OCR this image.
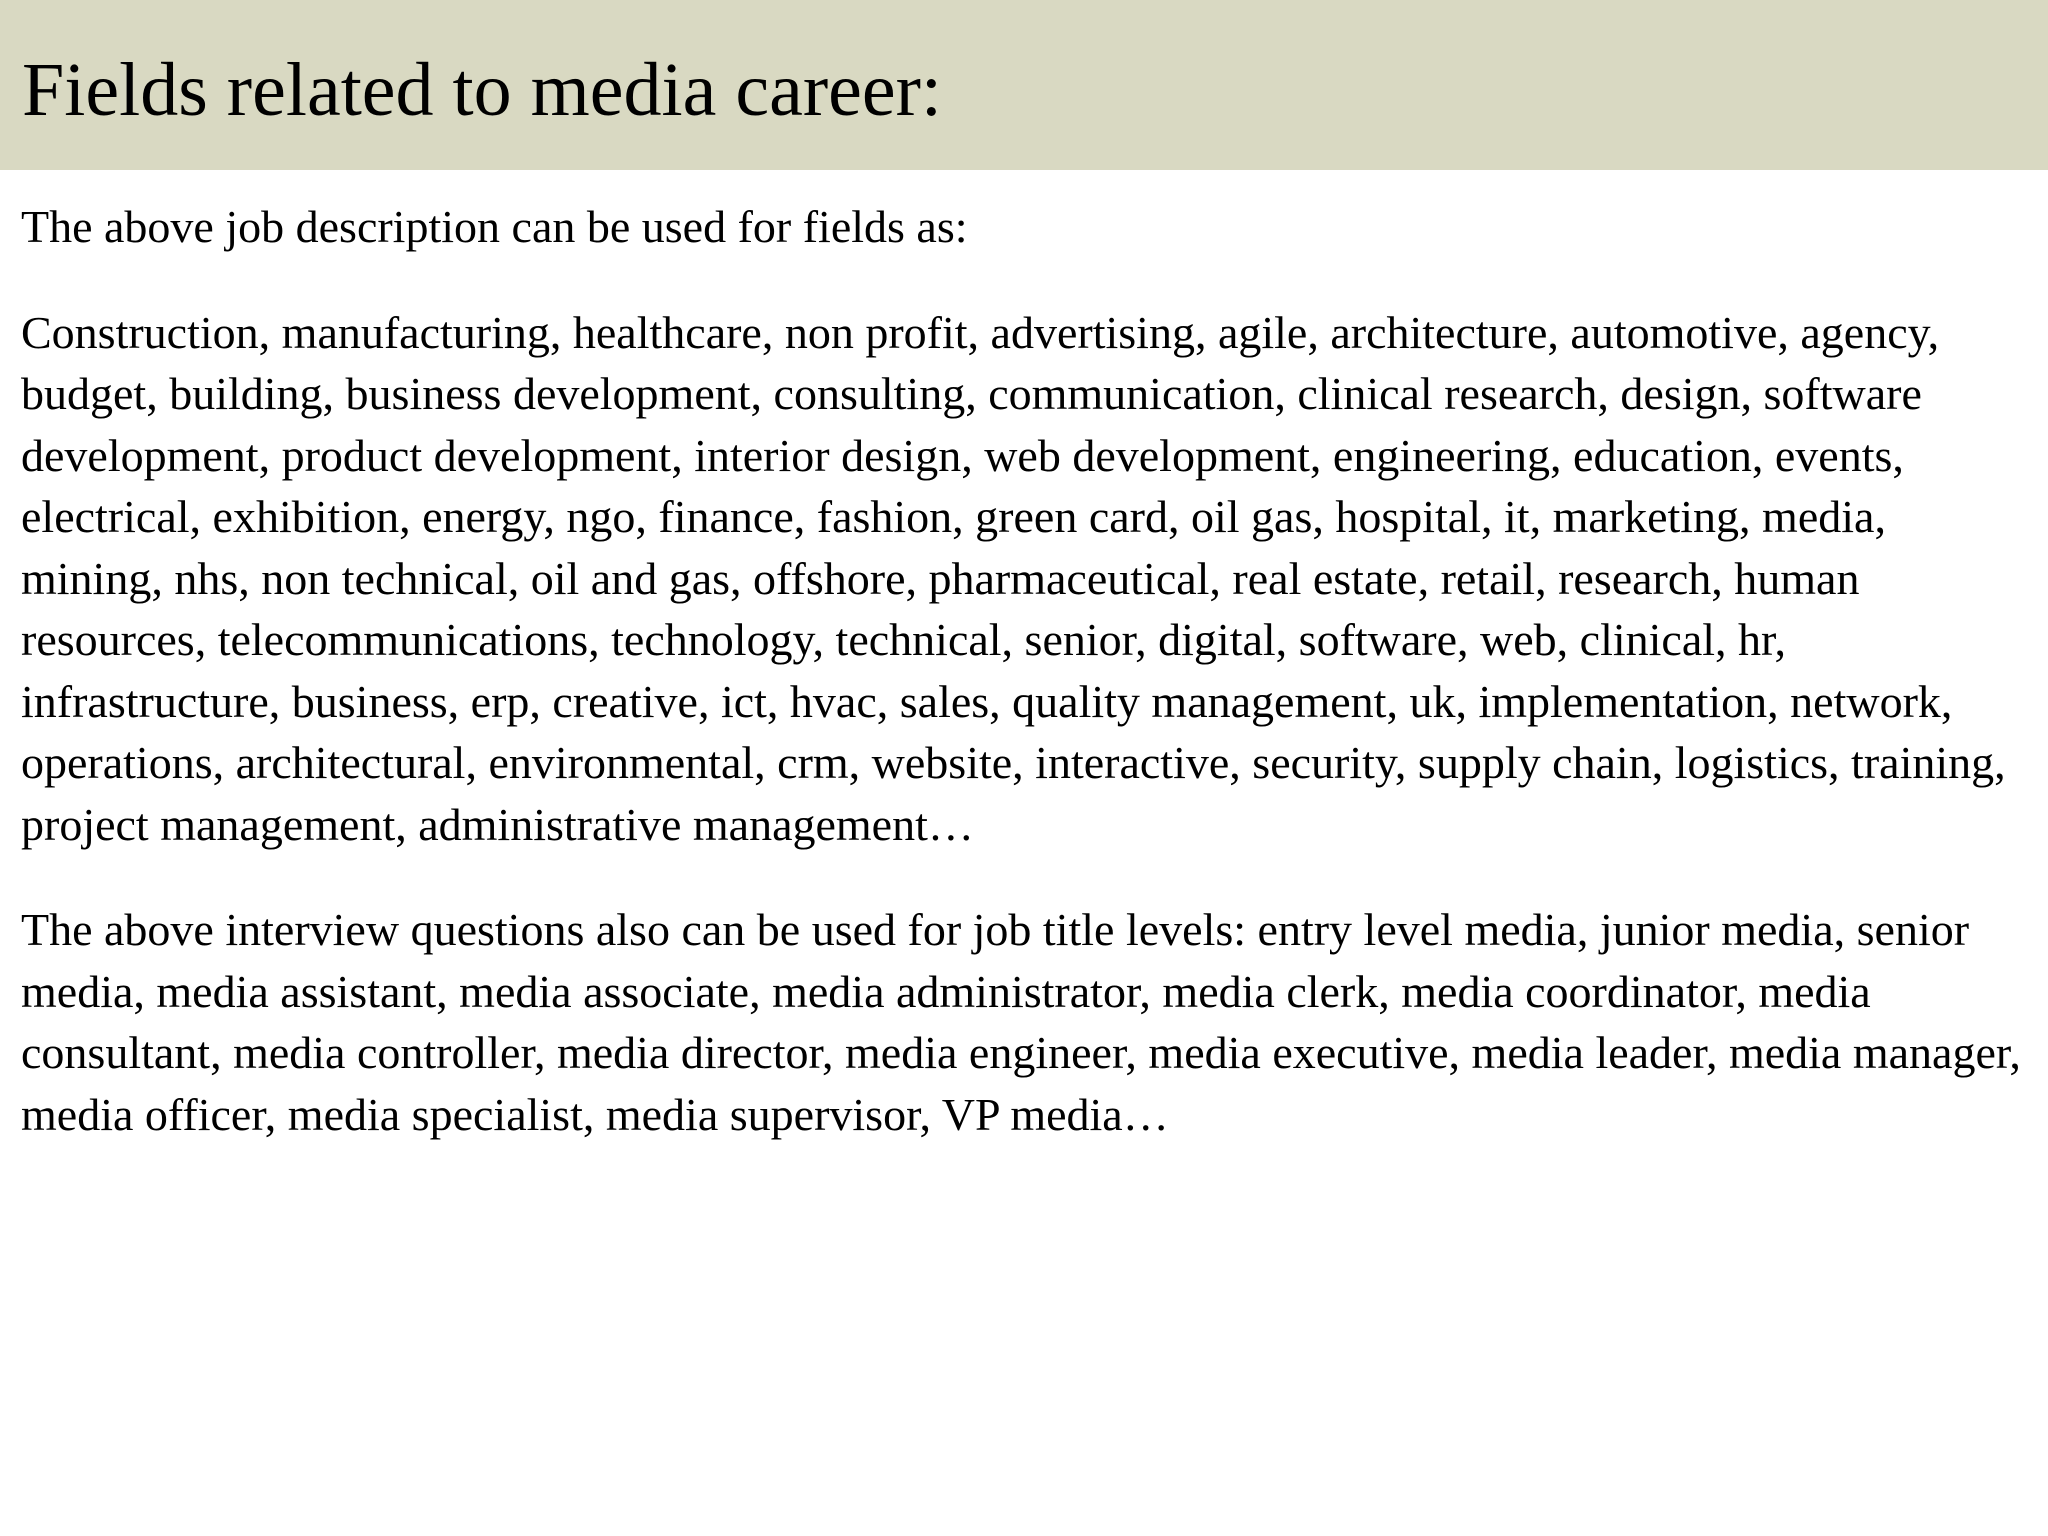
Fields related to media career:

The above job description can be used for fields as:

Construction, manufacturing, healthcare, non profit, advertising, agile, architecture, automotive, agency, budget, building, business development, consulting, communication, clinical research, design, software development, product development, interior design, web development, engineering, education, events, electrical, exhibition, energy, ngo, finance, fashion, green card, oil gas, hospital, it, marketing, media, mining, nhs, non technical, oil and gas, offshore, pharmaceutical, real estate, retail, research, human resources, telecommunications, technology, technical, senior, digital, software, web, clinical, hr, infrastructure, business, erp, creative, ict, hvac, sales, quality management, uk, implementation, network, operations, architectural, environmental, crm, website, interactive, security, supply chain, logistics, training, project management, administrative management…

The above interview questions also can be used for job title levels: entry level media, junior media, senior media, media assistant, media associate, media administrator, media clerk, media coordinator, media consultant, media controller, media director, media engineer, media executive, media leader, media manager, media officer, media specialist, media supervisor, VP media…
